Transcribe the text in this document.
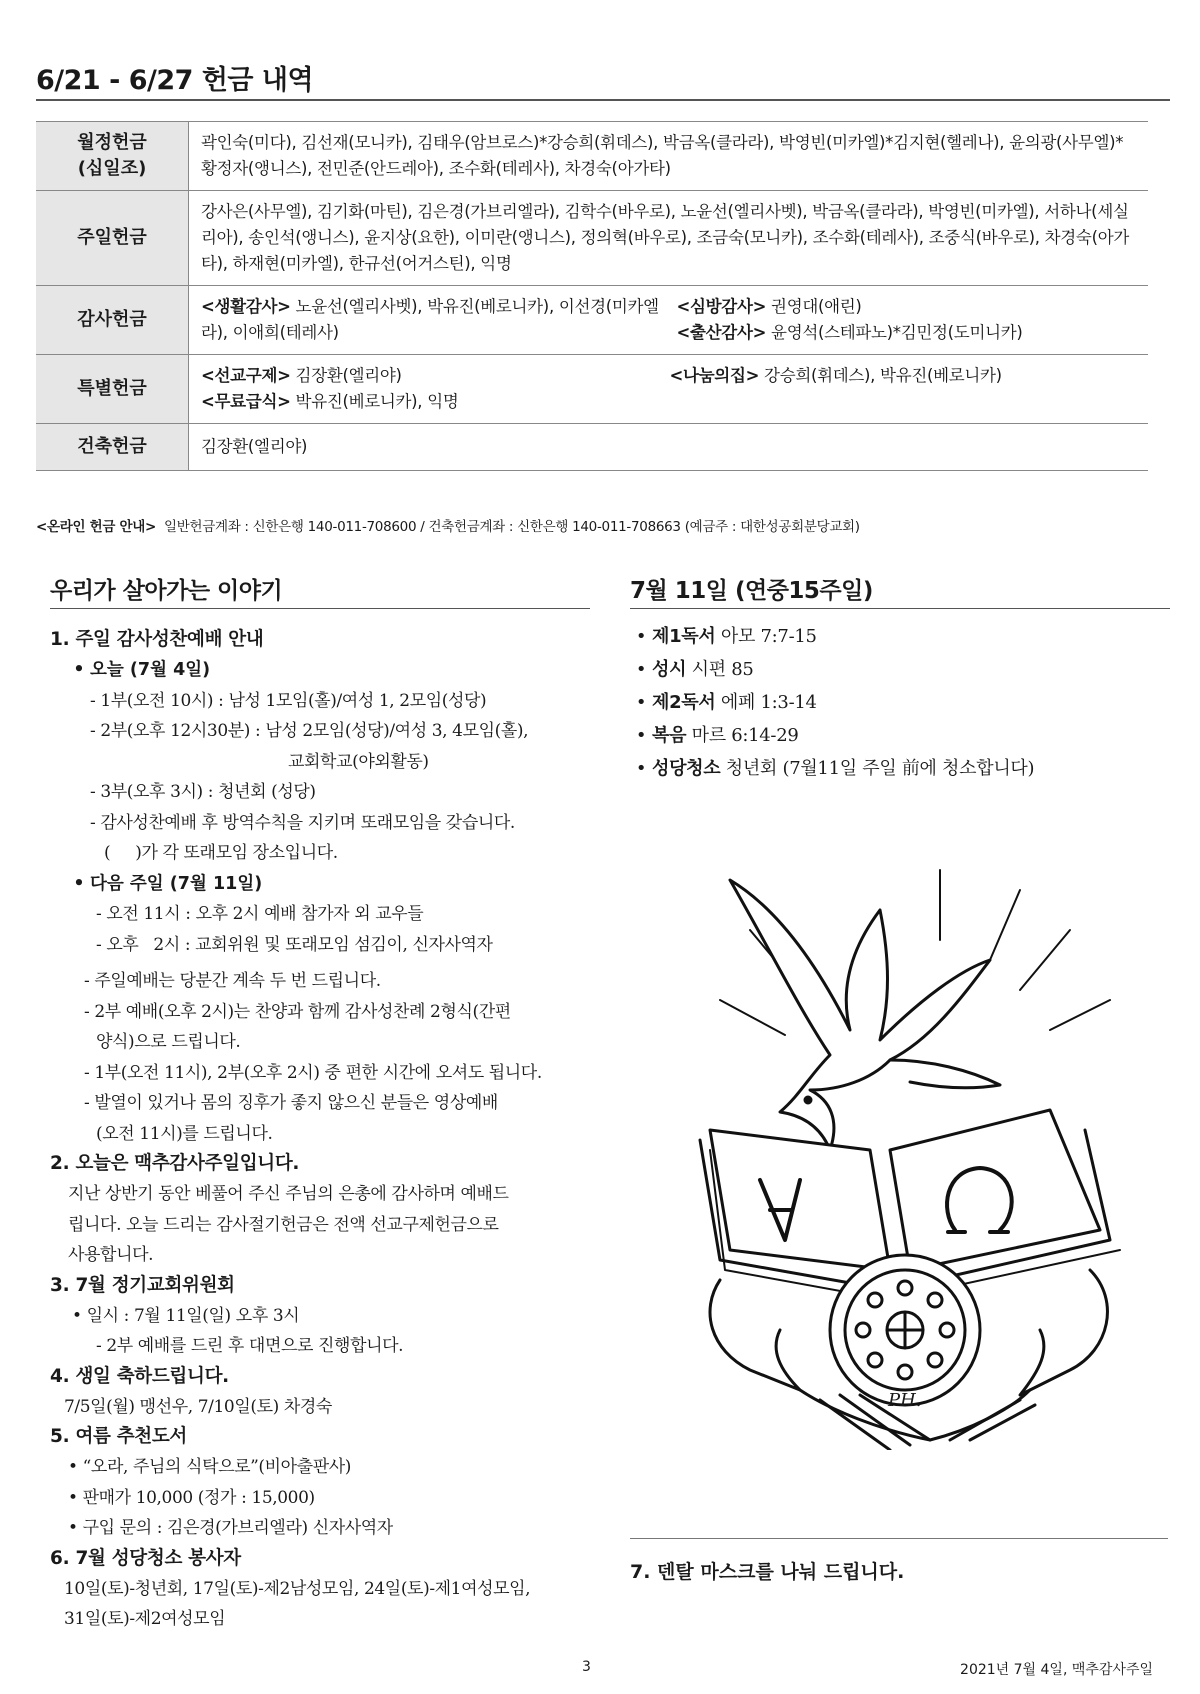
6/21 - 6/27 헌금 내역
월정헌금
(십일조)	곽인숙(미다), 김선재(모니카), 김태우(암브로스)*강승희(휘데스), 박금옥(클라라), 박영빈(미카엘)*김지현(헬레나), 윤의광(사무엘)*황정자(앵니스), 전민준(안드레아), 조수화(테레사), 차경숙(아가타)
주일헌금	강사은(사무엘), 김기화(마틴), 김은경(가브리엘라), 김학수(바우로), 노윤선(엘리사벳), 박금옥(클라라), 박영빈(미카엘), 서하나(세실리아), 송인석(앵니스), 윤지상(요한), 이미란(앵니스), 정의혁(바우로), 조금숙(모니카), 조수화(테레사), 조중식(바우로), 차경숙(아가타), 하재현(미카엘), 한규선(어거스틴), 익명
감사헌금	<생활감사> 노윤선(엘리사벳), 박유진(베로니카), 이선경(미카엘라), 이애희(테레사)
<심방감사> 권영대(애린)
<출산감사> 윤영석(스테파노)*김민정(도미니카)

특별헌금	<선교구제> 김장환(엘리야)
<무료급식> 박유진(베로니카), 익명
<나눔의집> 강승희(휘데스), 박유진(베로니카)

건축헌금	김장환(엘리야)
<온라인 헌금 안내> 일반헌금계좌 : 신한은행 140-011-708600 / 건축헌금계좌 : 신한은행 140-011-708663 (예금주 : 대한성공회분당교회)
우리가 살아가는 이야기
1. 주일 감사성찬예배 안내
• 오늘 (7월 4일)
- 1부(오전 10시) : 남성 1모임(홀)/여성 1, 2모임(성당)
- 2부(오후 12시30분) : 남성 2모임(성당)/여성 3, 4모임(홀),
교회학교(야외활동)
- 3부(오후 3시) : 청년회 (성당)
- 감사성찬예배 후 방역수칙을 지키며 또래모임을 갖습니다.
(     )가 각 또래모임 장소입니다.
• 다음 주일 (7월 11일)
- 오전 11시 : 오후 2시 예배 참가자 외 교우들
- 오후   2시 : 교회위원 및 또래모임 섬김이, 신자사역자
- 주일예배는 당분간 계속 두 번 드립니다.
- 2부 예배(오후 2시)는 찬양과 함께 감사성찬례 2형식(간편
양식)으로 드립니다.
- 1부(오전 11시), 2부(오후 2시) 중 편한 시간에 오셔도 됩니다.
- 발열이 있거나 몸의 징후가 좋지 않으신 분들은 영상예배
(오전 11시)를 드립니다.
2. 오늘은 맥추감사주일입니다.
지난 상반기 동안 베풀어 주신 주님의 은총에 감사하며 예배드
립니다. 오늘 드리는 감사절기헌금은 전액 선교구제헌금으로
사용합니다.
3. 7월 정기교회위원회
• 일시 : 7월 11일(일) 오후 3시
- 2부 예배를 드린 후 대면으로 진행합니다.
4. 생일 축하드립니다.
7/5일(월) 맹선우, 7/10일(토) 차경숙
5. 여름 추천도서
• “오라, 주님의 식탁으로”(비아출판사)
• 판매가 10,000 (정가 : 15,000)
• 구입 문의 : 김은경(가브리엘라) 신자사역자
6. 7월 성당청소 봉사자
10일(토)-청년회, 17일(토)-제2남성모임, 24일(토)-제1여성모임,
31일(토)-제2여성모임
7월 11일 (연중15주일)
• 제1독서 아모 7:7-15
• 성시 시편 85
• 제2독서 에페 1:3-14
• 복음 마르 6:14-29
• 성당청소 청년회 (7월11일 주일 前에 청소합니다)
PH.
7. 덴탈 마스크를 나눠 드립니다.
3	2021년 7월 4일, 맥추감사주일
